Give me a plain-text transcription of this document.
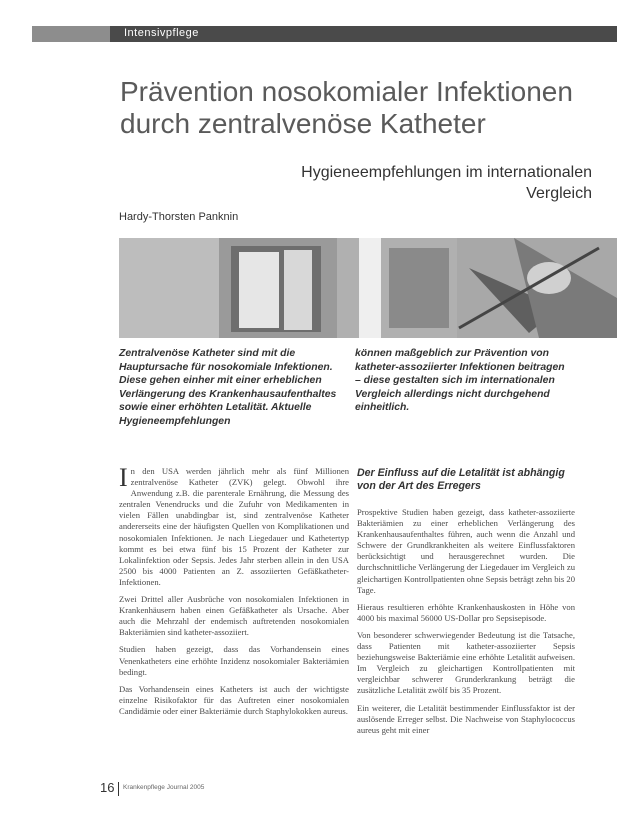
Intensivpflege
Prävention nosokomialer Infektionen durch zentralvenöse Katheter
Hygieneempfehlungen im internationalen Vergleich
Hardy-Thorsten Panknin
Zentralvenöse Katheter sind mit die Hauptursache für nosokomiale Infektionen. Diese gehen einher mit einer erheblichen Verlängerung des Krankenhausaufenthaltes sowie einer erhöhten Letalität. Aktuelle Hygieneempfehlungen
können maßgeblich zur Prävention von katheter-assoziierter Infektionen beitragen – diese gestalten sich im internationalen Vergleich allerdings nicht durchgehend einheitlich.

In den USA werden jährlich mehr als fünf Millionen zentralvenöse Katheter (ZVK) gelegt. Obwohl ihre Anwendung z.B. die parenterale Ernährung, die Messung des zentralen Venendrucks und die Zufuhr von Medikamenten in vielen Fällen unabdingbar ist, sind zentralvenöse Katheter andererseits eine der häufigsten Quellen von Komplikationen und nosokomialen Infektionen. Je nach Liegedauer und Kathetertyp kommt es bei etwa fünf bis 15 Prozent der Katheter zur Lokalinfektion oder Sepsis. Jedes Jahr sterben allein in den USA 2500 bis 4000 Patienten an Z. assoziierten Gefäßkatheter-Infektionen.

Zwei Drittel aller Ausbrüche von nosokomialen Infektionen in Krankenhäusern haben einen Gefäßkatheter als Ursache. Aber auch die Mehrzahl der endemisch auftretenden nosokomialen Bakteriämien sind katheter-assoziiert.

Studien haben gezeigt, dass das Vorhandensein eines Venenkatheters eine erhöhte Inzidenz nosokomialer Bakteriämien bedingt.

Das Vorhandensein eines Katheters ist auch der wichtigste einzelne Risikofaktor für das Auftreten einer nosokomialen Candidämie oder einer Bakteriämie durch Staphylokokken aureus.

Der Einfluss auf die Letalität ist abhängig von der Art des Erregers

Prospektive Studien haben gezeigt, dass katheter-assoziierte Bakteriämien zu einer erheblichen Verlängerung des Krankenhausaufenthaltes führen, auch wenn die Anzahl und Schwere der Grundkrankheiten als weitere Einflussfaktoren berücksichtigt und herausgerechnet wurden. Die durchschnittliche Verlängerung der Liegedauer im Vergleich zu gleichartigen Kontrollpatienten ohne Sepsis beträgt zehn bis 20 Tage.

Hieraus resultieren erhöhte Krankenhauskosten in Höhe von 4000 bis maximal 56000 US-Dollar pro Sepsisepisode.

Von besonderer schwerwiegender Bedeutung ist die Tatsache, dass Patienten mit katheter-assoziierter Sepsis beziehungsweise Bakteriämie eine erhöhte Letalität aufweisen. Im Vergleich zu gleichartigen Kontrollpatienten mit vergleichbar schwerer Grunderkrankung beträgt die zusätzliche Letalität zwölf bis 35 Prozent.

Ein weiterer, die Letalität bestimmender Einflussfaktor ist der auslösende Erreger selbst. Die Nachweise von Staphylococcus aureus geht mit einer

16 Krankenpflege Journal 2005
